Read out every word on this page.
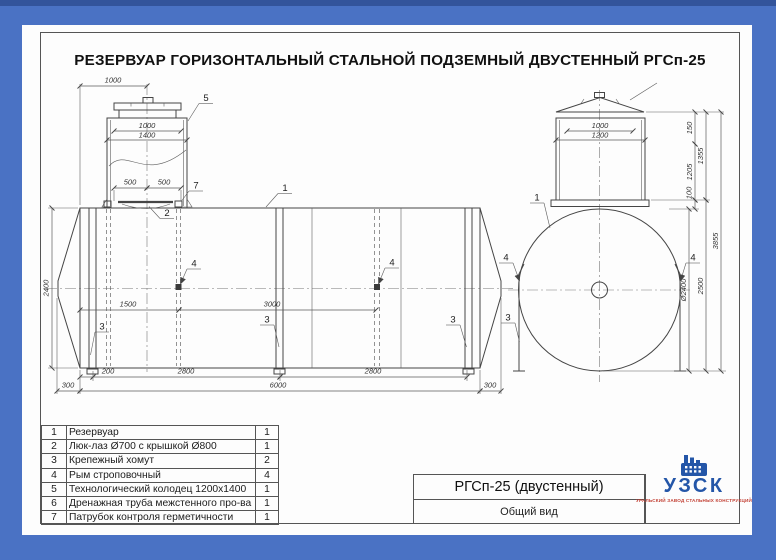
РЕЗЕРВУАР ГОРИЗОНТАЛЬНЫЙ СТАЛЬНОЙ ПОДЗЕМНЫЙ ДВУСТЕННЫЙ РГСп-25
1000
1000
1400
500	500
2400
1500	3000
200	2800	2800
300	6000	300
5
1
7
2
4	4
3
3	3
1000
1200
150
1205
100
1355
2500
3855
Ø2400
1
4	4
3
1	Резервуар	1
2	Люк-лаз Ø700 с крышкой Ø800	1
3	Крепежный хомут	2
4	Рым строповочный	4
5	Технологический колодец 1200х1400	1
6	Дренажная труба межстенного про-ва	1
7	Патрубок контроля герметичности	1
РГСп-25 (двустенный)
Общий вид
УЗСК
УРАЛЬСКИЙ ЗАВОД СТАЛЬНЫХ КОНСТРУКЦИЙ
